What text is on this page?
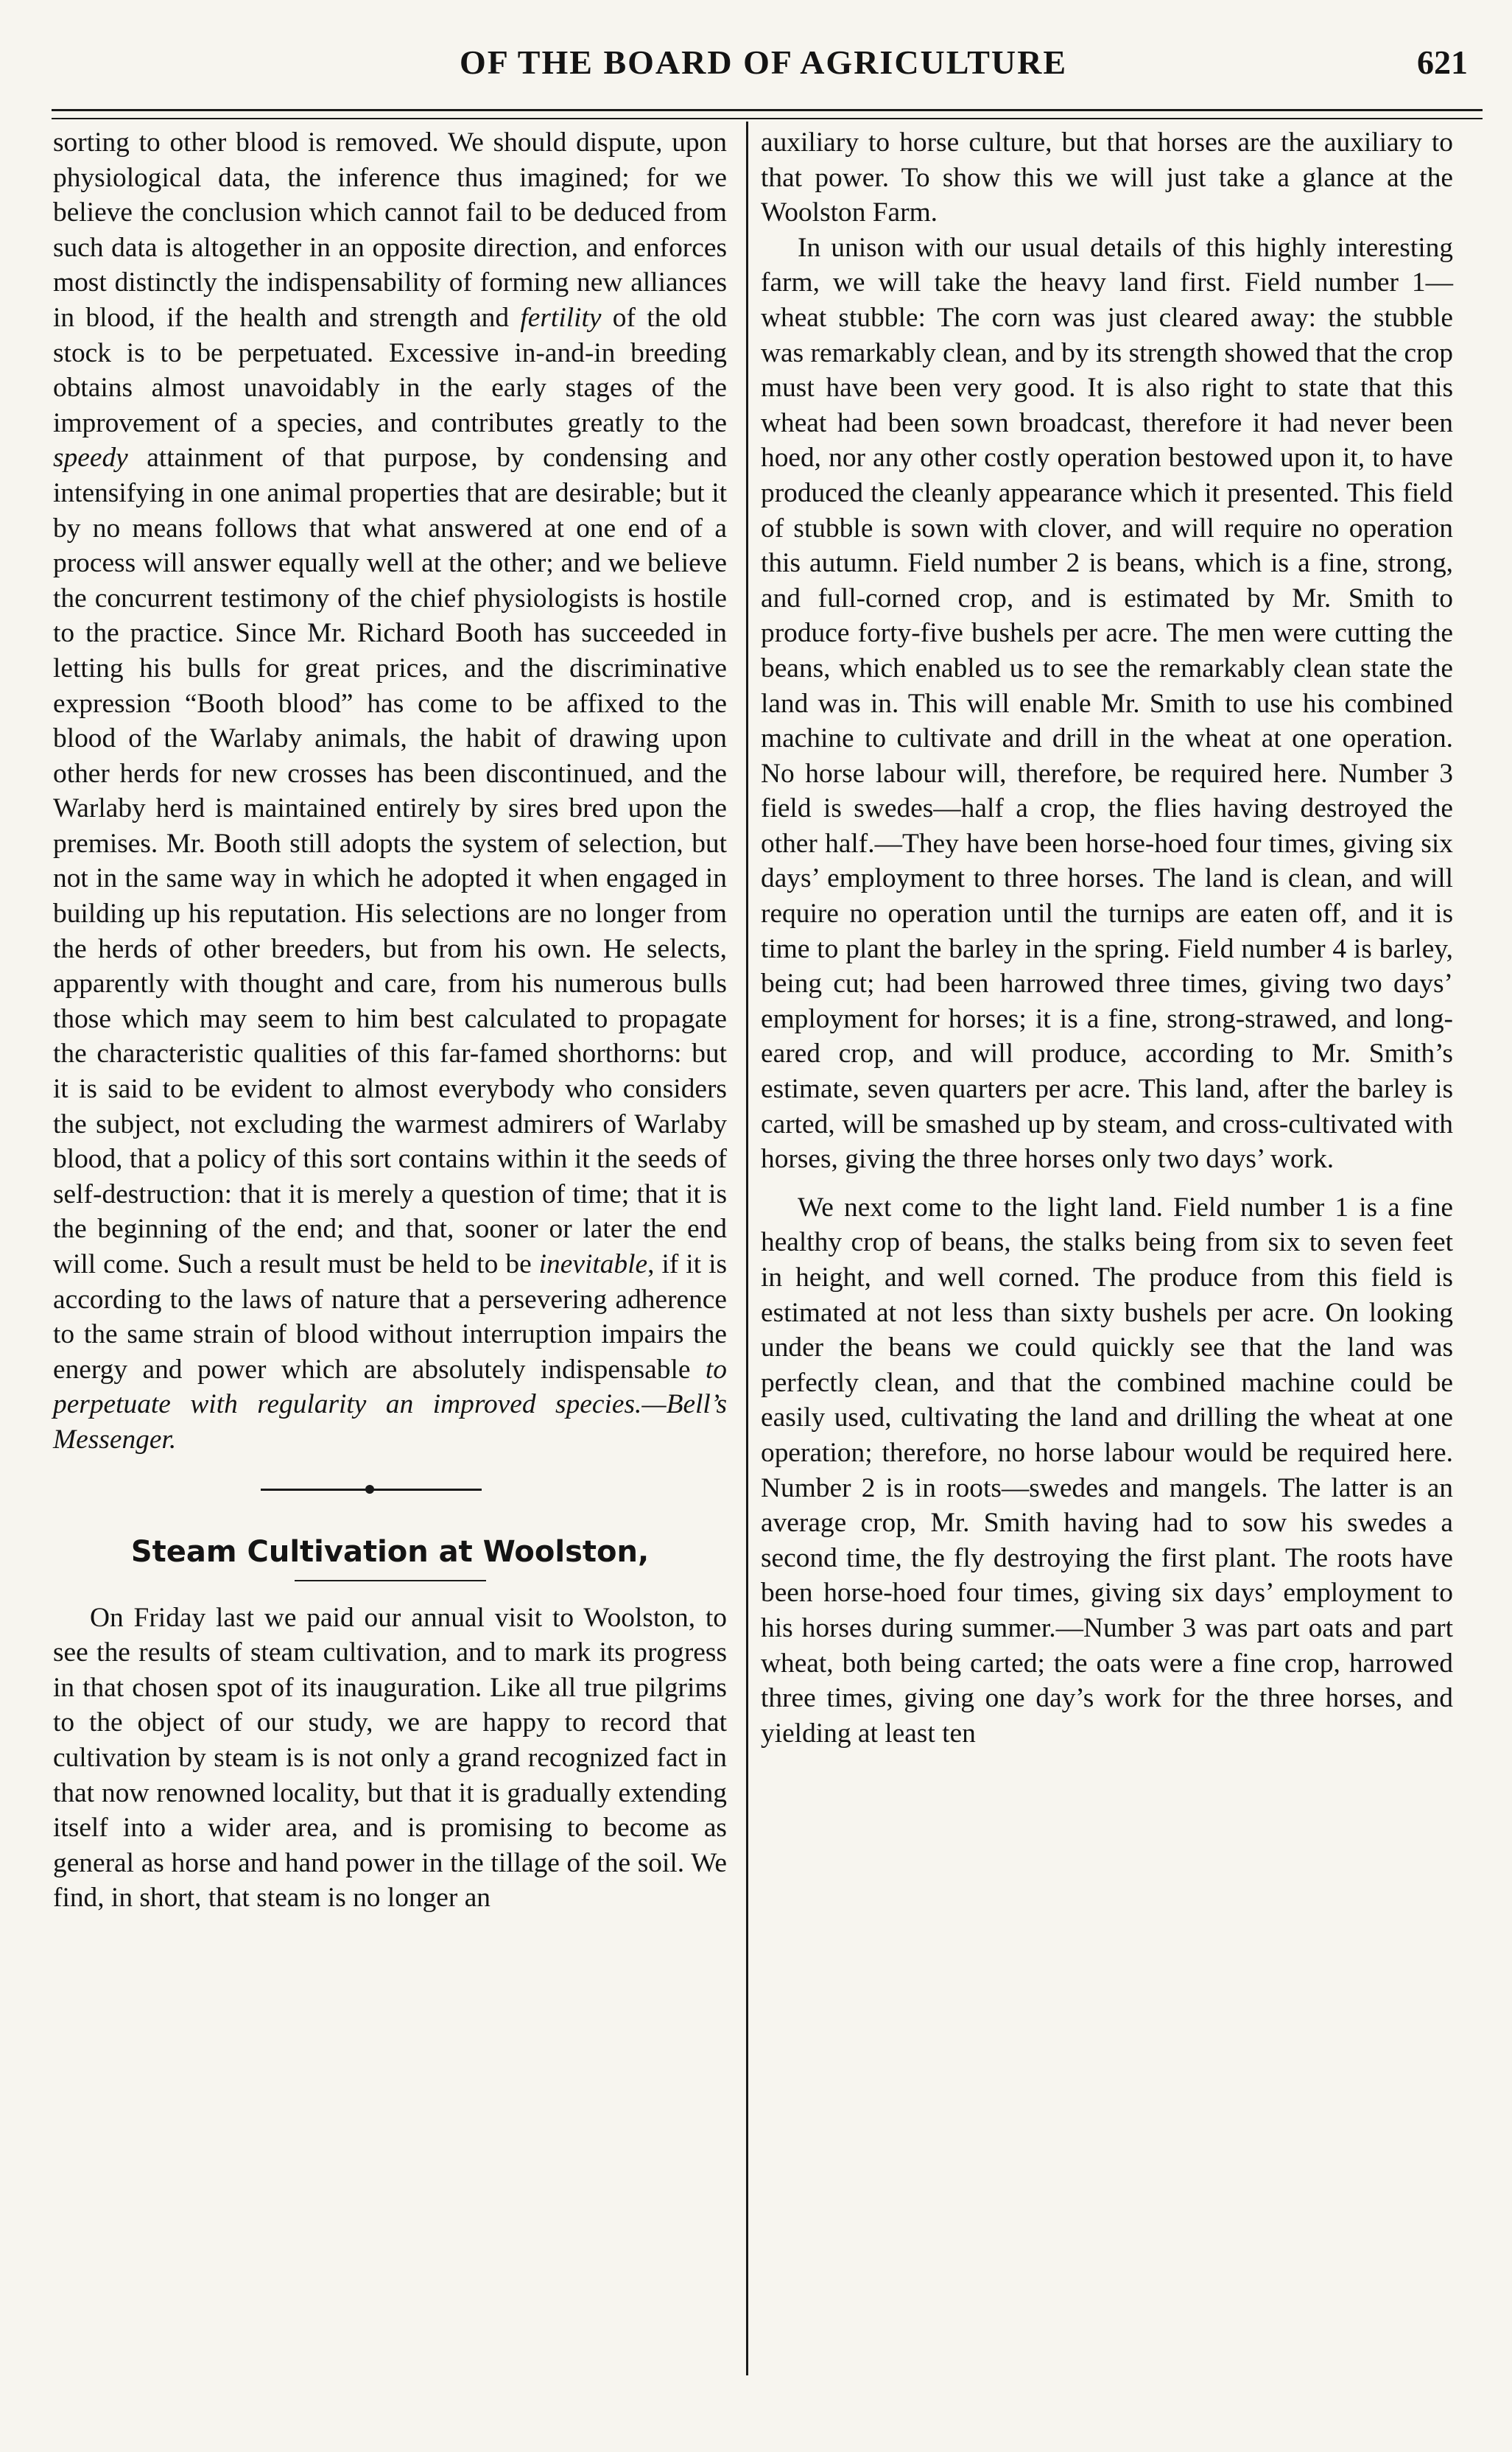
OF THE BOARD OF AGRICULTURE	621

sorting to other blood is removed. We should dispute, upon physiological data, the inference thus imagined; for we believe the conclusion which cannot fail to be deduced from such data is altogether in an opposite direction, and enforces most distinctly the indispensability of forming new alliances in blood, if the health and strength and fertility of the old stock is to be perpetuated. Excessive in-and-in breeding obtains almost unavoidably in the early stages of the improvement of a species, and contributes greatly to the speedy attainment of that purpose, by condensing and intensifying in one animal properties that are desirable; but it by no means follows that what answered at one end of a process will answer equally well at the other; and we believe the concurrent testimony of the chief physiologists is hostile to the practice. Since Mr. Richard Booth has succeeded in letting his bulls for great prices, and the discriminative expression “Booth blood” has come to be affixed to the blood of the Warlaby animals, the habit of drawing upon other herds for new crosses has been discontinued, and the Warlaby herd is maintained entirely by sires bred upon the premises. Mr. Booth still adopts the system of selection, but not in the same way in which he adopted it when engaged in building up his reputation. His selections are no longer from the herds of other breeders, but from his own. He selects, apparently with thought and care, from his numerous bulls those which may seem to him best calculated to propagate the characteristic qualities of this far-famed shorthorns: but it is said to be evident to almost everybody who considers the subject, not excluding the warmest admirers of Warlaby blood, that a policy of this sort contains within it the seeds of self-destruction: that it is merely a question of time; that it is the beginning of the end; and that, sooner or later the end will come. Such a result must be held to be inevitable, if it is according to the laws of nature that a persevering adherence to the same strain of blood without interruption impairs the energy and power which are absolutely indispensable to perpetuate with regularity an improved species.—Bell’s Messenger.

Steam Cultivation at Woolston,

On Friday last we paid our annual visit to Woolston, to see the results of steam cultivation, and to mark its progress in that chosen spot of its inauguration. Like all true pilgrims to the object of our study, we are happy to record that cultivation by steam is is not only a grand recognized fact in that now renowned locality, but that it is gradually extending itself into a wider area, and is promising to become as general as horse and hand power in the tillage of the soil. We find, in short, that steam is no longer an

auxiliary to horse culture, but that horses are the auxiliary to that power. To show this we will just take a glance at the Woolston Farm.

In unison with our usual details of this highly interesting farm, we will take the heavy land first. Field number 1—wheat stubble: The corn was just cleared away: the stubble was remarkably clean, and by its strength showed that the crop must have been very good. It is also right to state that this wheat had been sown broadcast, therefore it had never been hoed, nor any other costly operation bestowed upon it, to have produced the cleanly appearance which it presented. This field of stubble is sown with clover, and will require no operation this autumn. Field number 2 is beans, which is a fine, strong, and full-corned crop, and is estimated by Mr. Smith to produce forty-five bushels per acre. The men were cutting the beans, which enabled us to see the remarkably clean state the land was in. This will enable Mr. Smith to use his combined machine to cultivate and drill in the wheat at one operation. No horse labour will, therefore, be required here. Number 3 field is swedes—half a crop, the flies having destroyed the other half.—They have been horse-hoed four times, giving six days’ employment to three horses. The land is clean, and will require no operation until the turnips are eaten off, and it is time to plant the barley in the spring. Field number 4 is barley, being cut; had been harrowed three times, giving two days’ employment for horses; it is a fine, strong-strawed, and long-eared crop, and will produce, according to Mr. Smith’s estimate, seven quarters per acre. This land, after the barley is carted, will be smashed up by steam, and cross-cultivated with horses, giving the three horses only two days’ work.

We next come to the light land. Field number 1 is a fine healthy crop of beans, the stalks being from six to seven feet in height, and well corned. The produce from this field is estimated at not less than sixty bushels per acre. On looking under the beans we could quickly see that the land was perfectly clean, and that the combined machine could be easily used, cultivating the land and drilling the wheat at one operation; therefore, no horse labour would be required here. Number 2 is in roots—swedes and mangels. The latter is an average crop, Mr. Smith having had to sow his swedes a second time, the fly destroying the first plant. The roots have been horse-hoed four times, giving six days’ employment to his horses during summer.—Number 3 was part oats and part wheat, both being carted; the oats were a fine crop, harrowed three times, giving one day’s work for the three horses, and yielding at least ten
